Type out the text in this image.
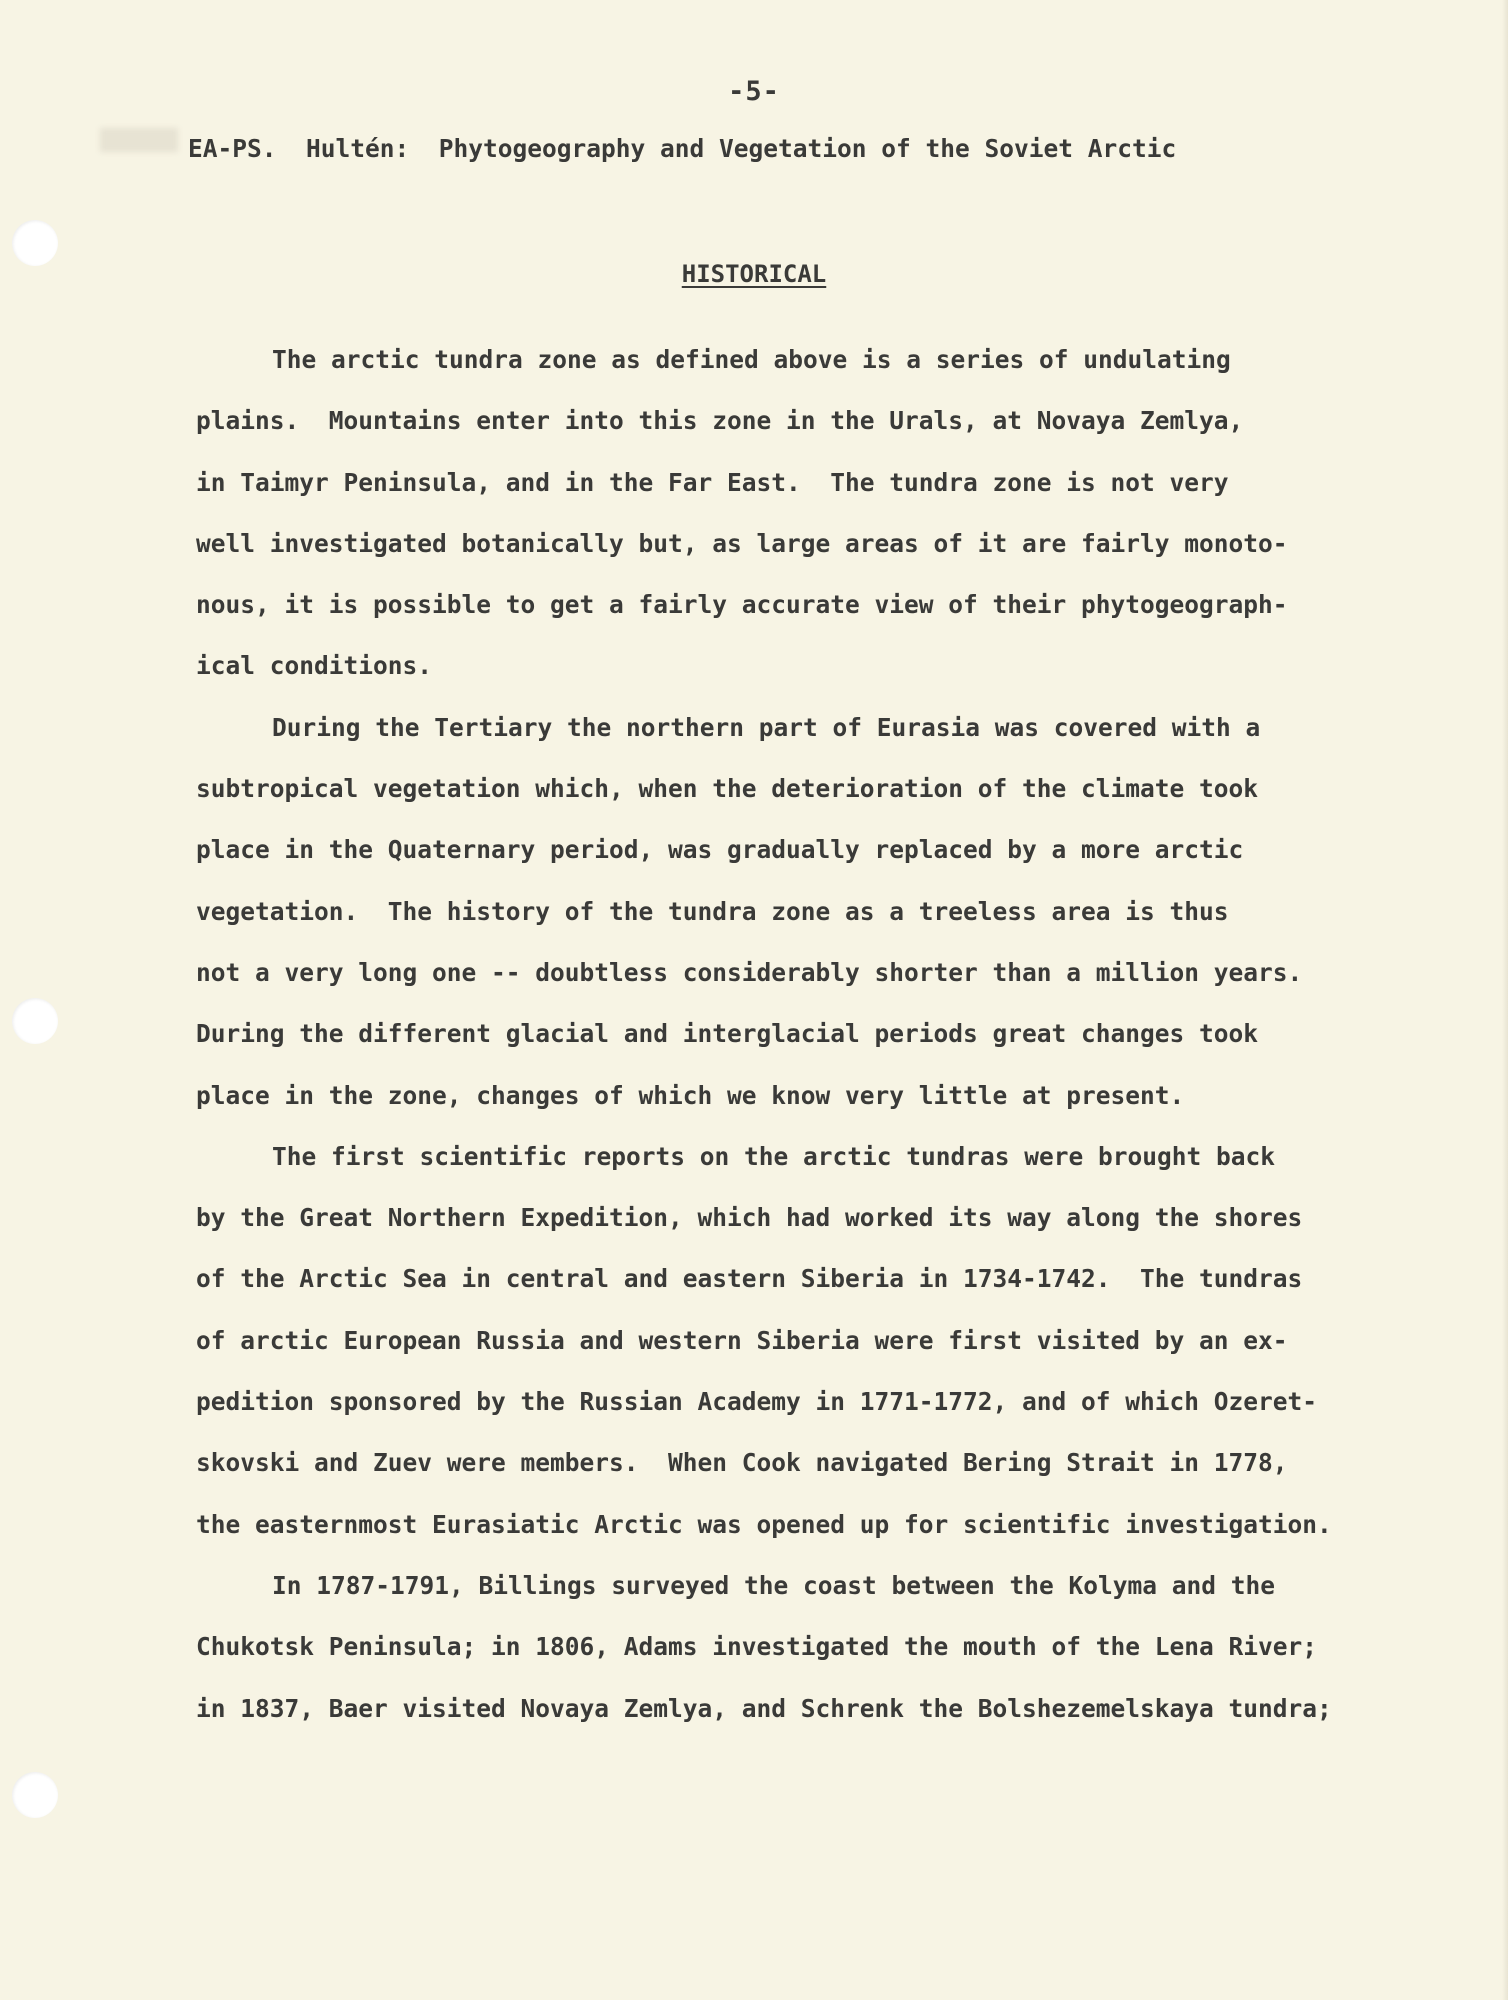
-5-
EA-PS.  Hultén:  Phytogeography and Vegetation of the Soviet Arctic
HISTORICAL
The arctic tundra zone as defined above is a series of undulating
plains.  Mountains enter into this zone in the Urals, at Novaya Zemlya,
in Taimyr Peninsula, and in the Far East.  The tundra zone is not very
well investigated botanically but, as large areas of it are fairly monoto-
nous, it is possible to get a fairly accurate view of their phytogeograph-
ical conditions.
During the Tertiary the northern part of Eurasia was covered with a
subtropical vegetation which, when the deterioration of the climate took
place in the Quaternary period, was gradually replaced by a more arctic
vegetation.  The history of the tundra zone as a treeless area is thus
not a very long one -- doubtless considerably shorter than a million years.
During the different glacial and interglacial periods great changes took
place in the zone, changes of which we know very little at present.
The first scientific reports on the arctic tundras were brought back
by the Great Northern Expedition, which had worked its way along the shores
of the Arctic Sea in central and eastern Siberia in 1734-1742.  The tundras
of arctic European Russia and western Siberia were first visited by an ex-
pedition sponsored by the Russian Academy in 1771-1772, and of which Ozeret-
skovski and Zuev were members.  When Cook navigated Bering Strait in 1778,
the easternmost Eurasiatic Arctic was opened up for scientific investigation.
In 1787-1791, Billings surveyed the coast between the Kolyma and the
Chukotsk Peninsula; in 1806, Adams investigated the mouth of the Lena River;
in 1837, Baer visited Novaya Zemlya, and Schrenk the Bolshezemelskaya tundra;
